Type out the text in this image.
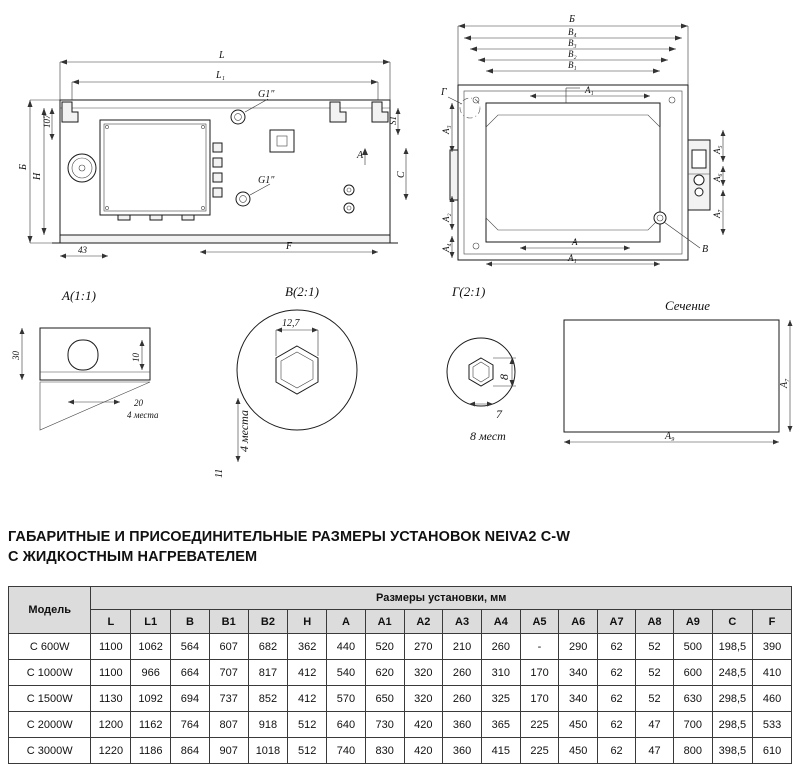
G1"
G1"
L
L₁
H
Б
107	S1
C
А
43	F
Г
В
Б
B₄
B₃
B₂
B₁
A₁
A
A₁
A₃
A₂
A₄
A₅
A₆
A₇
А(1:1)
30	10
20
4 места
В(2:1)
12,7
11
4 места
Г(2:1)
8
7
8 мест
Сечение
A₇
A₉
ГАБАРИТНЫЕ И ПРИСОЕДИНИТЕЛЬНЫЕ РАЗМЕРЫ УСТАНОВОК NEIVA2 C-W
С ЖИДКОСТНЫМ НАГРЕВАТЕЛЕМ
Модель	Размеры установки, мм																	
	L	L1	B	B1	B2	H	A	A1	A2	A3	A4	A5	A6	A7	A8	A9	C	F
C 600W	1100	1062	564	607	682	362	440	520	270	210	260	-	290	62	52	500	198,5	390
C 1000W	1100	966	664	707	817	412	540	620	320	260	310	170	340	62	52	600	248,5	410
C 1500W	1130	1092	694	737	852	412	570	650	320	260	325	170	340	62	52	630	298,5	460
C 2000W	1200	1162	764	807	918	512	640	730	420	360	365	225	450	62	47	700	298,5	533
C 3000W	1220	1186	864	907	1018	512	740	830	420	360	415	225	450	62	47	800	398,5	610
